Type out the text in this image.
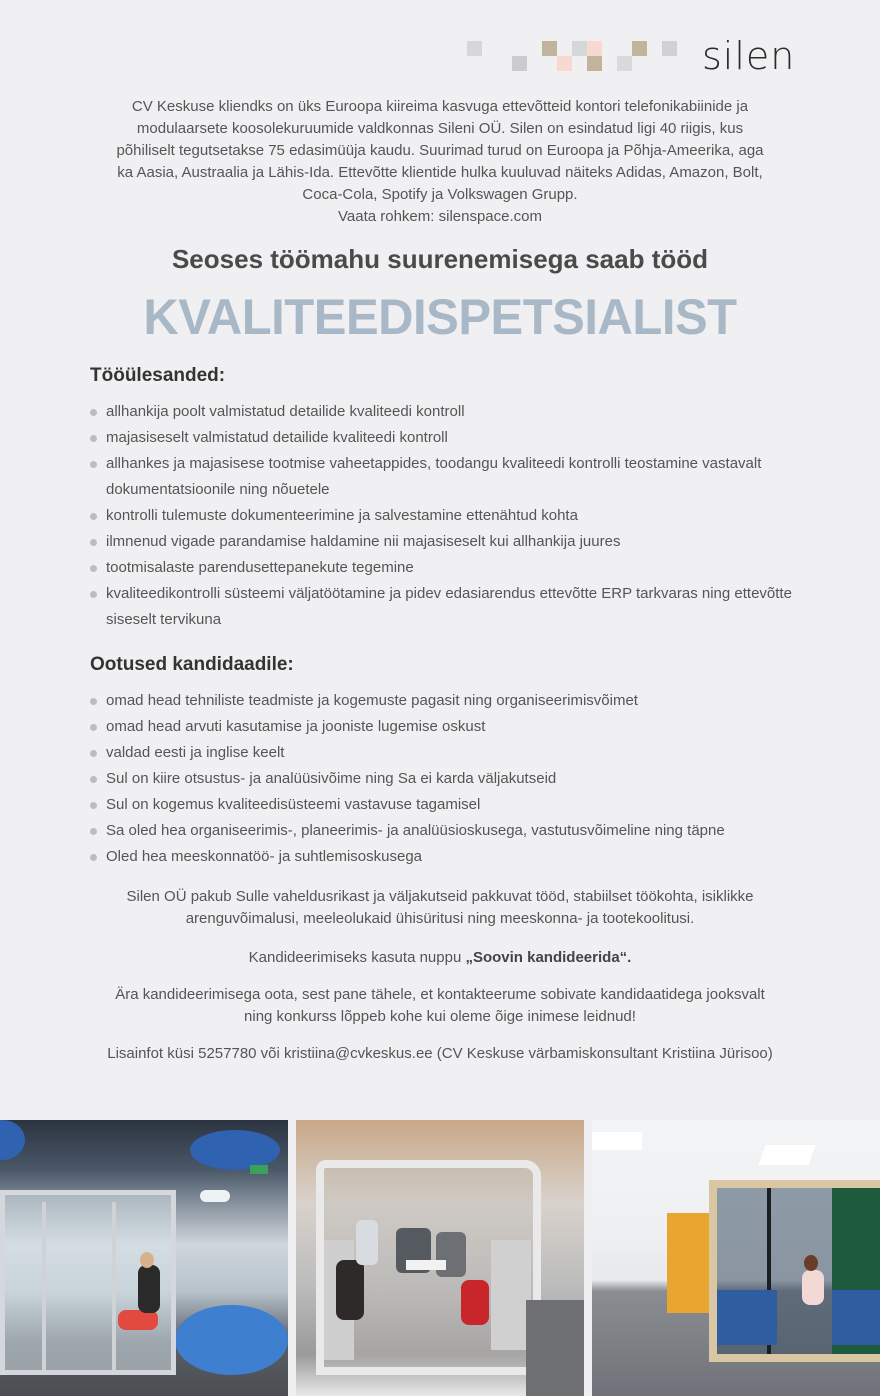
silen

CV Keskuse kliendks on üks Euroopa kiireima kasvuga ettevõtteid kontori telefonikabiinide ja

modulaarsete koosolekuruumide valdkonnas Sileni OÜ. Silen on esindatud ligi 40 riigis, kus

põhiliselt tegutsetakse 75 edasimüüja kaudu. Suurimad turud on Euroopa ja Põhja-Ameerika, aga

ka Aasia, Austraalia ja Lähis-Ida. Ettevõtte klientide hulka kuuluvad näiteks Adidas, Amazon, Bolt,

Coca-Cola, Spotify ja Volkswagen Grupp.

Vaata rohkem: silenspace.com

Seoses töömahu suurenemisega saab tööd
KVALITEEDISPETSIALIST
Tööülesanded:
allhankija poolt valmistatud detailide kvaliteedi kontroll
majasiseselt valmistatud detailide kvaliteedi kontroll
allhankes ja majasisese tootmise vaheetappides, toodangu kvaliteedi kontrolli teostamine vastavalt dokumentatsioonile ning nõuetele
kontrolli tulemuste dokumenteerimine ja salvestamine ettenähtud kohta
ilmnenud vigade parandamise haldamine nii majasiseselt kui allhankija juures
tootmisalaste parendusettepanekute tegemine
kvaliteedikontrolli süsteemi väljatöötamine ja pidev edasiarendus ettevõtte ERP tarkvaras ning ettevõtte siseselt tervikuna
Ootused kandidaadile:
omad head tehniliste teadmiste ja kogemuste pagasit ning organiseerimisvõimet
omad head arvuti kasutamise ja jooniste lugemise oskust
valdad eesti ja inglise keelt
Sul on kiire otsustus- ja analüüsivõime ning Sa ei karda väljakutseid
Sul on kogemus kvaliteedisüsteemi vastavuse tagamisel
Sa oled hea organiseerimis-, planeerimis- ja analüüsioskusega, vastutusvõimeline ning täpne
Oled hea meeskonnatöö- ja suhtlemisoskusega
Silen OÜ pakub Sulle vaheldusrikast ja väljakutseid pakkuvat tööd, stabiilset töökohta, isiklikke
arenguvõimalusi, meeleolukaid ühisüritusi ning meeskonna- ja tootekoolitusi.
Kandideerimiseks kasuta nuppu „Soovin kandideerida“.
Ära kandideerimisega oota, sest pane tähele, et kontakteerume sobivate kandidaatidega jooksvalt
ning konkurss lõppeb kohe kui oleme õige inimese leidnud!
Lisainfot küsi 5257780 või kristiina@cvkeskus.ee (CV Keskuse värbamiskonsultant Kristiina Jürisoo)
